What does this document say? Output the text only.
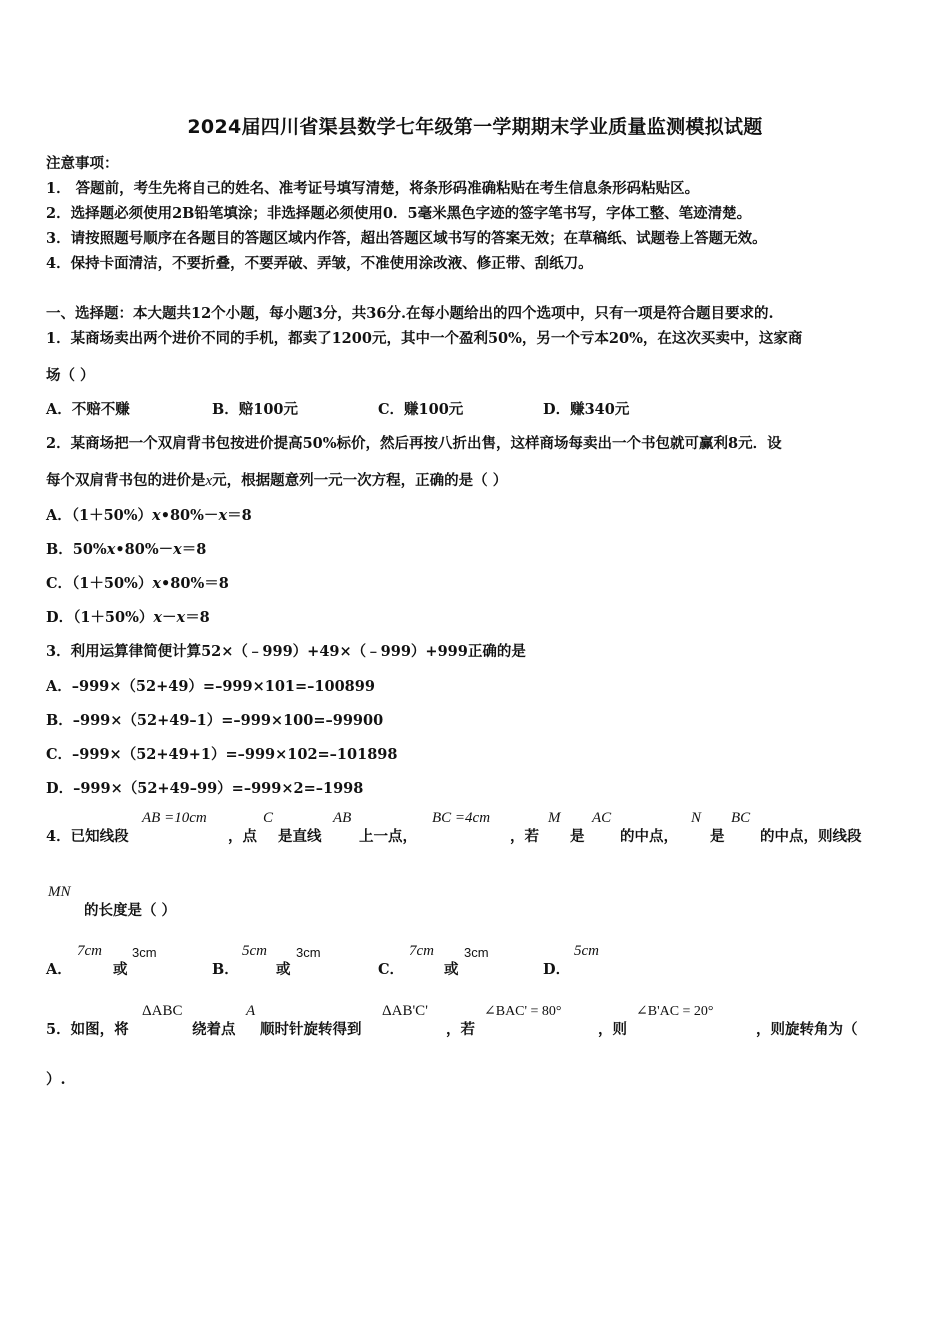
2024届四川省渠县数学七年级第一学期期末学业质量监测模拟试题
注意事项：
1． 答题前，考生先将自己的姓名、准考证号填写清楚，将条形码准确粘贴在考生信息条形码粘贴区。
2．选择题必须使用2B铅笔填涂；非选择题必须使用0．5毫米黑色字迹的签字笔书写，字体工整、笔迹清楚。
3．请按照题号顺序在各题目的答题区域内作答，超出答题区域书写的答案无效；在草稿纸、试题卷上答题无效。
4．保持卡面清洁，不要折叠，不要弄破、弄皱，不准使用涂改液、修正带、刮纸刀。
一、选择题：本大题共12个小题，每小题3分，共36分.在每小题给出的四个选项中，只有一项是符合题目要求的.
1．某商场卖出两个进价不同的手机，都卖了1200元，其中一个盈利50%，另一个亏本20%，在这次买卖中，这家商
场（ ）
A．不赔不赚	B．赔100元	C．赚100元	D．赚340元
2．某商场把一个双肩背书包按进价提高50%标价，然后再按八折出售，这样商场每卖出一个书包就可赢利8元．设
每个双肩背书包的进价是x元，根据题意列一元一次方程，正确的是（ ）
A．（1＋50%）x•80%－x＝8
B．50%x•80%－x＝8
C．（1＋50%）x•80%＝8
D．（1＋50%）x－x＝8
3．利用运算律简便计算52×（﹣999）+49×（﹣999）+999正确的是
A．–999×（52+49）=–999×101=–100899
B．–999×（52+49–1）=–999×100=–99900
C．–999×（52+49+1）=–999×102=–101898
D．–999×（52+49–99）=–999×2=–1998
4．已知线段
AB =10cm
，点
C
是直线
AB
上一点，
BC =4cm
，若
M
是
AC
的中点，
N
是
BC
的中点，则线段
MN
的长度是（ ）
A．
7cm
或
3cm
B．
5cm
或
3cm
C．
7cm
或
3cm
D．
5cm
5．如图，将
ΔABC
绕着点
A
顺时针旋转得到
ΔAB'C'
，若
∠BAC' = 80°
，则
∠B'AC = 20°
，则旋转角为（
）.
